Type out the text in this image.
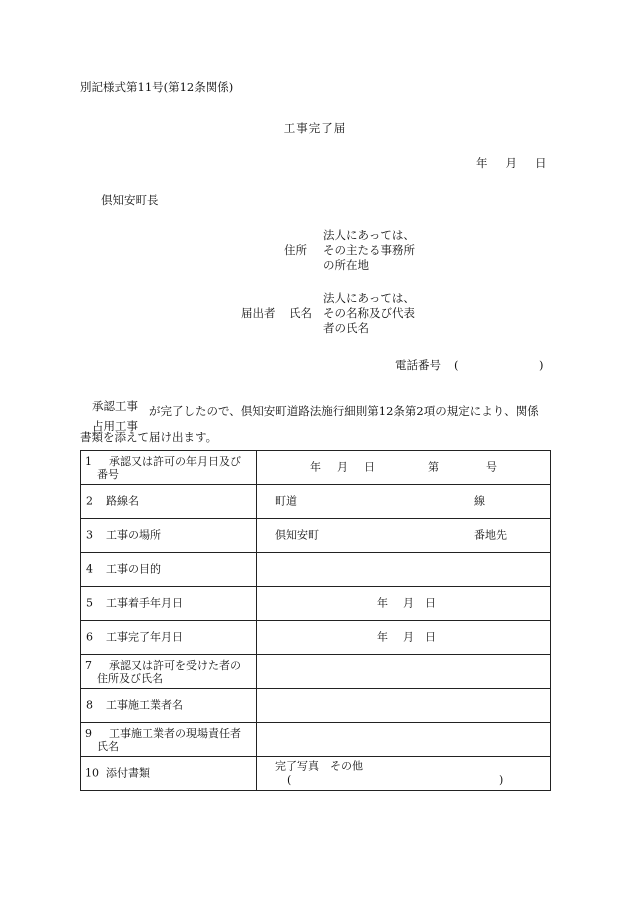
別記様式第11号(第12条関係)
工事完了届
年 月 日
倶知安町長
住所
法人にあっては、
その主たる事務所
の所在地
届出者 氏名
法人にあっては、
その名称及び代表
者の氏名
電話番号 (	)
承認工事
占用工事
が完了したので、倶知安町道路法施行細則第12条第2項の規定により、関係
書類を添えて届け出ます。
1 承認又は許可の年月日及び
番号	年 月 日 第 号

2 路線名	町道 線

3 工事の場所	倶知安町 番地先

4 工事の目的	

5 工事着手年月日	年 月 日

6 工事完了年月日	年 月 日

7 承認又は許可を受けた者の
住所及び氏名	

8 工事施工業者名	

9 工事施工業者の現場責任者
氏名	

10 添付書類	完了写真　その他
( )
